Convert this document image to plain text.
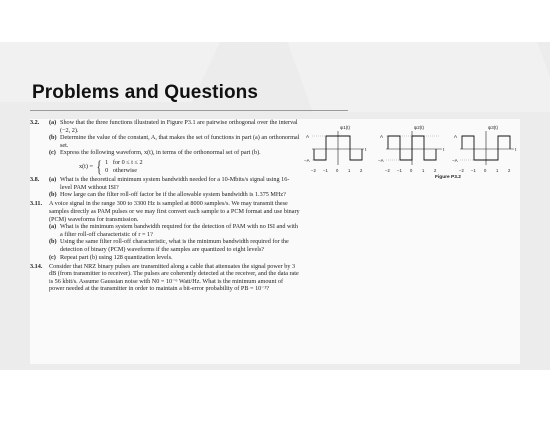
Problems and Questions
3.2.	(a) Show that the three functions illustrated in Figure P3.1 are pairwise orthogonal over the interval (−2, 2).
(b) Determine the value of the constant, A, that makes the set of functions in part (a) an orthonormal set.
(c) Express the following waveform, x(t), in terms of the orthonormal set of part (b).
x(t) = { 1 for 0 ≤ t ≤ 2
0 otherwise
3.8.	(a) What is the theoretical minimum system bandwidth needed for a 10-Mbits/s signal using 16-level PAM without ISI?
(b) How large can the filter roll-off factor be if the allowable system bandwidth is 1.375 MHz?
3.11.	A voice signal in the range 300 to 3300 Hz is sampled at 8000 samples/s. We may transmit these samples directly as PAM pulses or we may first convert each sample to a PCM format and use binary (PCM) waveforms for transmission.
(a) What is the minimum system bandwidth required for the detection of PAM with no ISI and with a filter roll-off characteristic of r = 1?
(b) Using the same filter roll-off characteristic, what is the minimum bandwidth required for the detection of binary (PCM) waveforms if the samples are quantized to eight levels?
(c) Repeat part (b) using 128 quantization levels.
3.14.	Consider that NRZ binary pulses are transmitted along a cable that attenuates the signal power by 3 dB (from transmitter to receiver). The pulses are coherently detected at the receiver, and the data rate is 56 kbit/s. Assume Gaussian noise with N0 = 10⁻⁶ Watt/Hz. What is the minimum amount of power needed at the transmitter in order to maintain a bit-error probability of PB = 10⁻³?
ψ1(t)
A
−A
t
−2 −1 0 1 2
ψ2(t)
A
−A
t
−2 −1 0 1 2
ψ3(t)
A
−A
t
−2 −1 0 1 2
Figure P3.2
